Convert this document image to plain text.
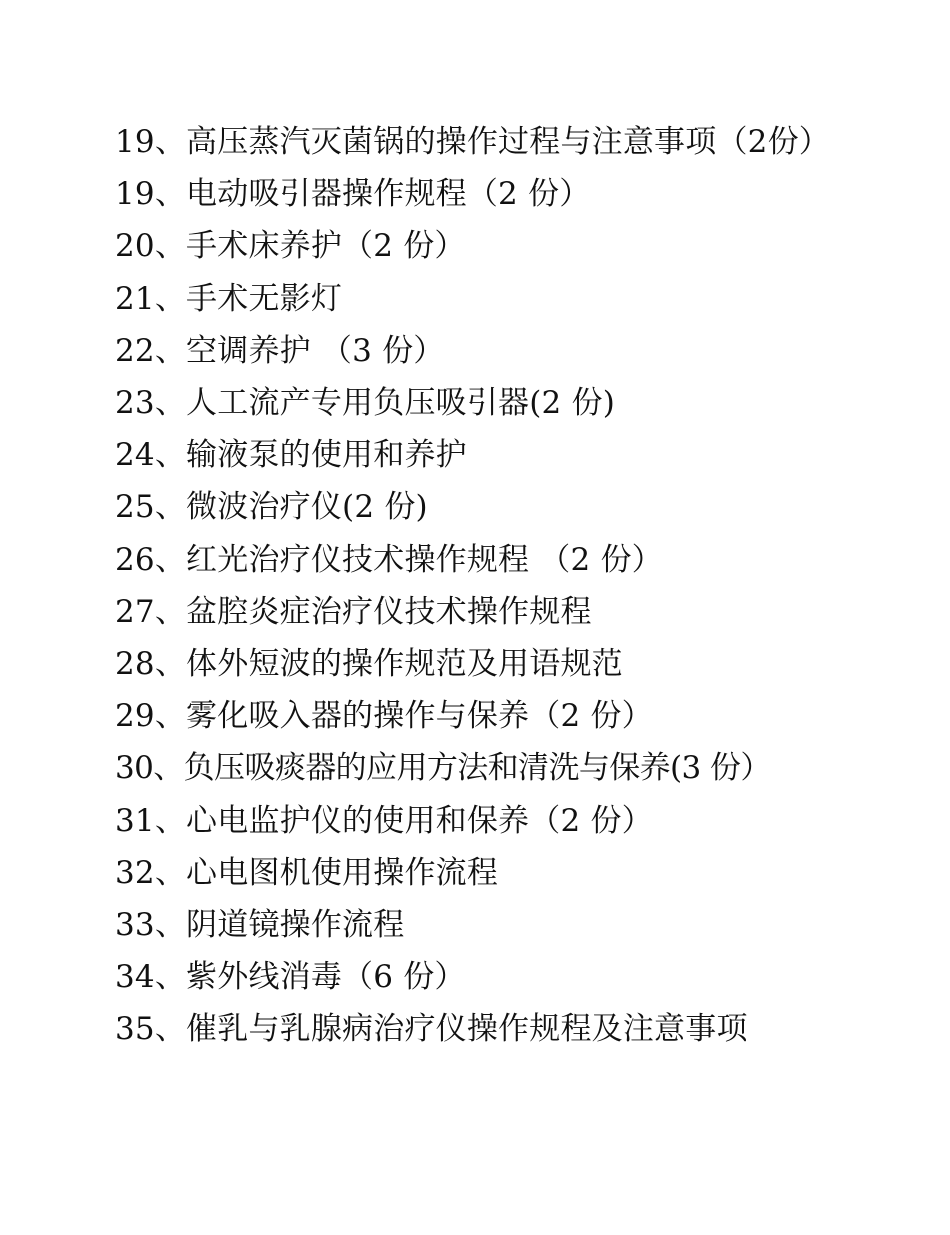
19、高压蒸汽灭菌锅的操作过程与注意事项（2份）
19、电动吸引器操作规程（2 份）
20、手术床养护（2 份）
21、手术无影灯
22、空调养护 （3 份）
23、人工流产专用负压吸引器(2 份)
24、输液泵的使用和养护
25、微波治疗仪(2 份)
26、红光治疗仪技术操作规程 （2 份）
27、盆腔炎症治疗仪技术操作规程
28、体外短波的操作规范及用语规范
29、雾化吸入器的操作与保养（2 份）
30、负压吸痰器的应用方法和清洗与保养(3 份）
31、心电监护仪的使用和保养（2 份）
32、心电图机使用操作流程
33、阴道镜操作流程
34、紫外线消毒（6 份）
35、催乳与乳腺病治疗仪操作规程及注意事项
